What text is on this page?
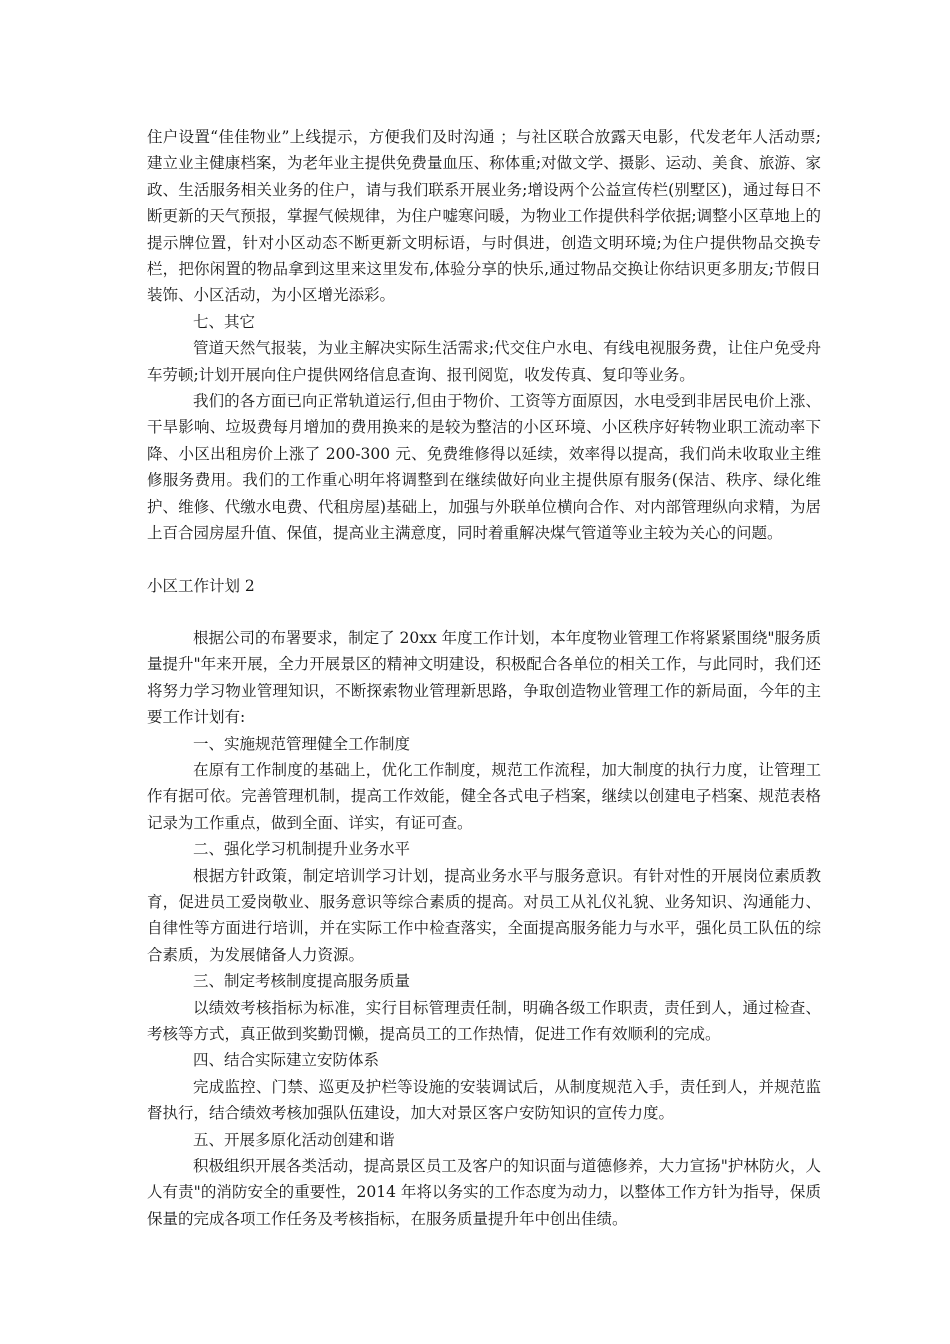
住户设置“佳佳物业”上线提示，方便我们及时沟通 ；与社区联合放露天电影，代发老年人活动票;建立业主健康档案，为老年业主提供免费量血压、称体重;对做文学、摄影、运动、美食、旅游、家政、生活服务相关业务的住户，请与我们联系开展业务;增设两个公益宣传栏(别墅区)，通过每日不断更新的天气预报，掌握气候规律，为住户嘘寒问暖，为物业工作提供科学依据;调整小区草地上的提示牌位置，针对小区动态不断更新文明标语，与时俱进，创造文明环境;为住户提供物品交换专栏，把你闲置的物品拿到这里来这里发布,体验分享的快乐,通过物品交换让你结识更多朋友;节假日装饰、小区活动，为小区增光添彩。

七、其它

管道天然气报装，为业主解决实际生活需求;代交住户水电、有线电视服务费，让住户免受舟车劳顿;计划开展向住户提供网络信息查询、报刊阅览，收发传真、复印等业务。

我们的各方面已向正常轨道运行,但由于物价、工资等方面原因，水电受到非居民电价上涨、干旱影响、垃圾费每月增加的费用换来的是较为整洁的小区环境、小区秩序好转物业职工流动率下降、小区出租房价上涨了 200-300 元、免费维修得以延续，效率得以提高，我们尚未收取业主维修服务费用。我们的工作重心明年将调整到在继续做好向业主提供原有服务(保洁、秩序、绿化维护、维修、代缴水电费、代租房屋)基础上，加强与外联单位横向合作、对内部管理纵向求精，为居上百合园房屋升值、保值，提高业主满意度，同时着重解决煤气管道等业主较为关心的问题。

小区工作计划 2

根据公司的布署要求，制定了 20xx 年度工作计划，本年度物业管理工作将紧紧围绕"服务质量提升"年来开展，全力开展景区的精神文明建设，积极配合各单位的相关工作，与此同时，我们还将努力学习物业管理知识，不断探索物业管理新思路，争取创造物业管理工作的新局面，今年的主要工作计划有:

一、实施规范管理健全工作制度

在原有工作制度的基础上，优化工作制度，规范工作流程，加大制度的执行力度，让管理工作有据可依。完善管理机制，提高工作效能，健全各式电子档案，继续以创建电子档案、规范表格记录为工作重点，做到全面、详实，有证可查。

二、强化学习机制提升业务水平

根据方针政策，制定培训学习计划，提高业务水平与服务意识。有针对性的开展岗位素质教育，促进员工爱岗敬业、服务意识等综合素质的提高。对员工从礼仪礼貌、业务知识、沟通能力、自律性等方面进行培训，并在实际工作中检查落实，全面提高服务能力与水平，强化员工队伍的综合素质，为发展储备人力资源。

三、制定考核制度提高服务质量

以绩效考核指标为标准，实行目标管理责任制，明确各级工作职责，责任到人，通过检查、考核等方式，真正做到奖勤罚懒，提高员工的工作热情，促进工作有效顺利的完成。

四、结合实际建立安防体系

完成监控、门禁、巡更及护栏等设施的安装调试后，从制度规范入手，责任到人，并规范监督执行，结合绩效考核加强队伍建设，加大对景区客户安防知识的宣传力度。

五、开展多原化活动创建和谐

积极组织开展各类活动，提高景区员工及客户的知识面与道德修养，大力宣扬"护林防火，人人有责"的消防安全的重要性，2014 年将以务实的工作态度为动力，以整体工作方针为指导，保质保量的完成各项工作任务及考核指标，在服务质量提升年中创出佳绩。
